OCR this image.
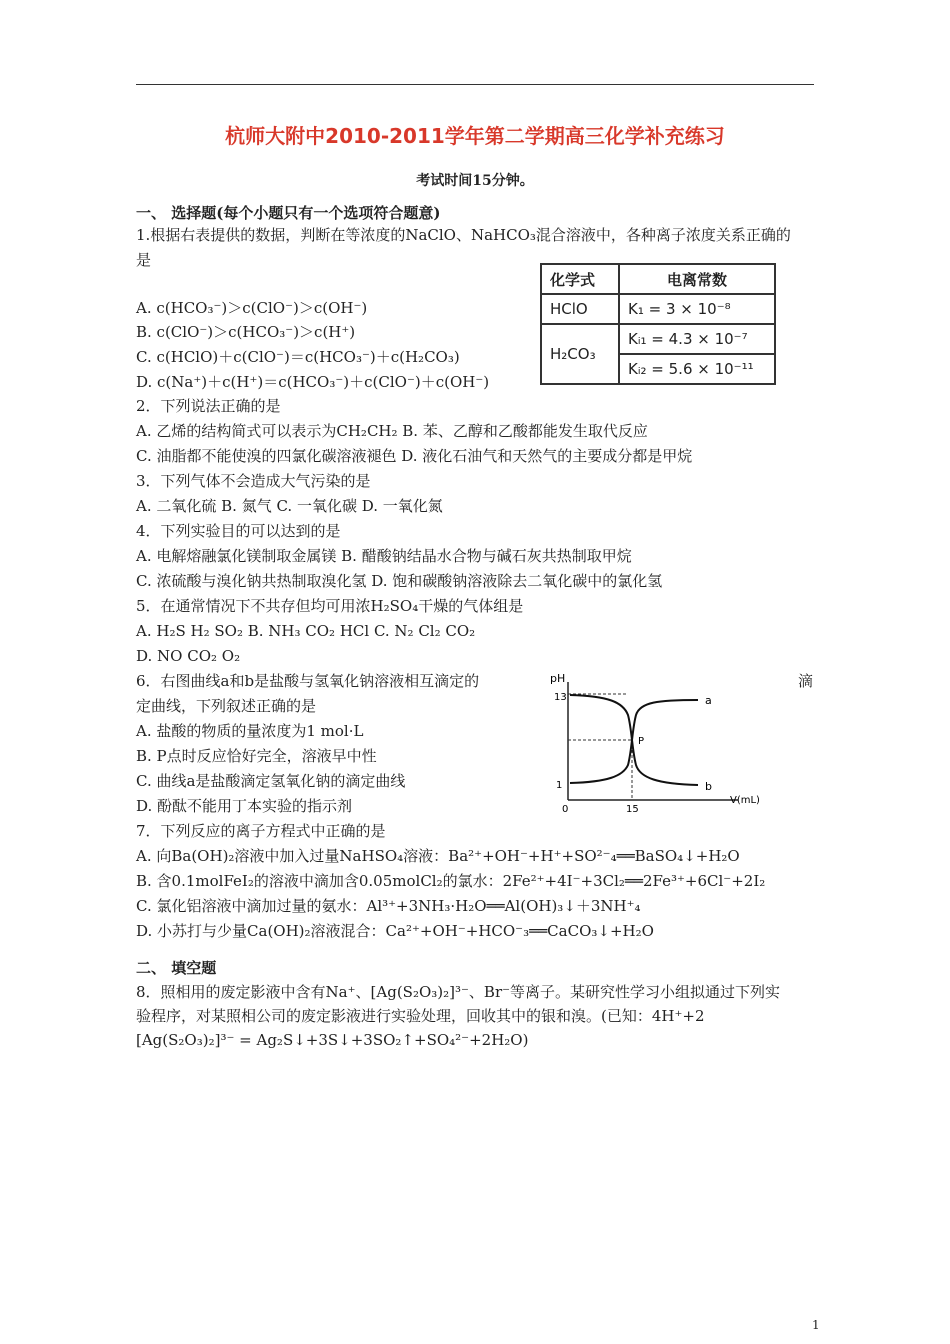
杭师大附中2010-2011学年第二学期高三化学补充练习
考试时间15分钟。
一、 选择题(每个小题只有一个选项符合题意)
1.根据右表提供的数据，判断在等浓度的NaClO、NaHCO₃混合溶液中，各种离子浓度关系正确的
是
A. c(HCO₃⁻)＞c(ClO⁻)＞c(OH⁻)
B. c(ClO⁻)＞c(HCO₃⁻)＞c(H⁺)
C. c(HClO)＋c(ClO⁻)＝c(HCO₃⁻)＋c(H₂CO₃)
D. c(Na⁺)＋c(H⁺)＝c(HCO₃⁻)＋c(ClO⁻)＋c(OH⁻)
化学式	电离常数
HClO	K₁ = 3 × 10⁻⁸
H₂CO₃	Kᵢ₁ = 4.3 × 10⁻⁷
	Kᵢ₂ = 5.6 × 10⁻¹¹
2．下列说法正确的是
A. 乙烯的结构简式可以表示为CH₂CH₂ B. 苯、乙醇和乙酸都能发生取代反应
C. 油脂都不能使溴的四氯化碳溶液褪色 D. 液化石油气和天然气的主要成分都是甲烷
3．下列气体不会造成大气污染的是
A. 二氧化硫 B. 氮气 C. 一氧化碳 D. 一氧化氮
4．下列实验目的可以达到的是
A. 电解熔融氯化镁制取金属镁 B. 醋酸钠结晶水合物与碱石灰共热制取甲烷
C. 浓硫酸与溴化钠共热制取溴化氢 D. 饱和碳酸钠溶液除去二氧化碳中的氯化氢
5．在通常情况下不共存但均可用浓H₂SO₄干燥的气体组是
A. H₂S H₂ SO₂ B. NH₃ CO₂ HCl C. N₂ Cl₂ CO₂
D. NO CO₂ O₂
6．右图曲线a和b是盐酸与氢氧化钠溶液相互滴定的	滴
定曲线，下列叙述正确的是
A. 盐酸的物质的量浓度为1 mol·L
B. P点时反应恰好完全，溶液早中性
C. 曲线a是盐酸滴定氢氧化钠的滴定曲线
D. 酚酞不能用丁本实验的指示剂
pH
13
1
0	15
V(mL)
a
b
P
7．下列反应的离子方程式中正确的是
A. 向Ba(OH)₂溶液中加入过量NaHSO₄溶液：Ba²⁺+OH⁻+H⁺+SO²⁻₄══BaSO₄↓+H₂O
B. 含0.1molFeI₂的溶液中滴加含0.05molCl₂的氯水：2Fe²⁺+4I⁻+3Cl₂══2Fe³⁺+6Cl⁻+2I₂
C. 氯化铝溶液中滴加过量的氨水：Al³⁺+3NH₃·H₂O══Al(OH)₃↓＋3NH⁺₄
D. 小苏打与少量Ca(OH)₂溶液混合：Ca²⁺+OH⁻+HCO⁻₃══CaCO₃↓+H₂O
二、 填空题
8．照相用的废定影液中含有Na⁺、[Ag(S₂O₃)₂]³⁻、Br⁻等离子。某研究性学习小组拟通过下列实
验程序，对某照相公司的废定影液进行实验处理，回收其中的银和溴。(已知：4H⁺+2
[Ag(S₂O₃)₂]³⁻ = Ag₂S↓+3S↓+3SO₂↑+SO₄²⁻+2H₂O)
1
